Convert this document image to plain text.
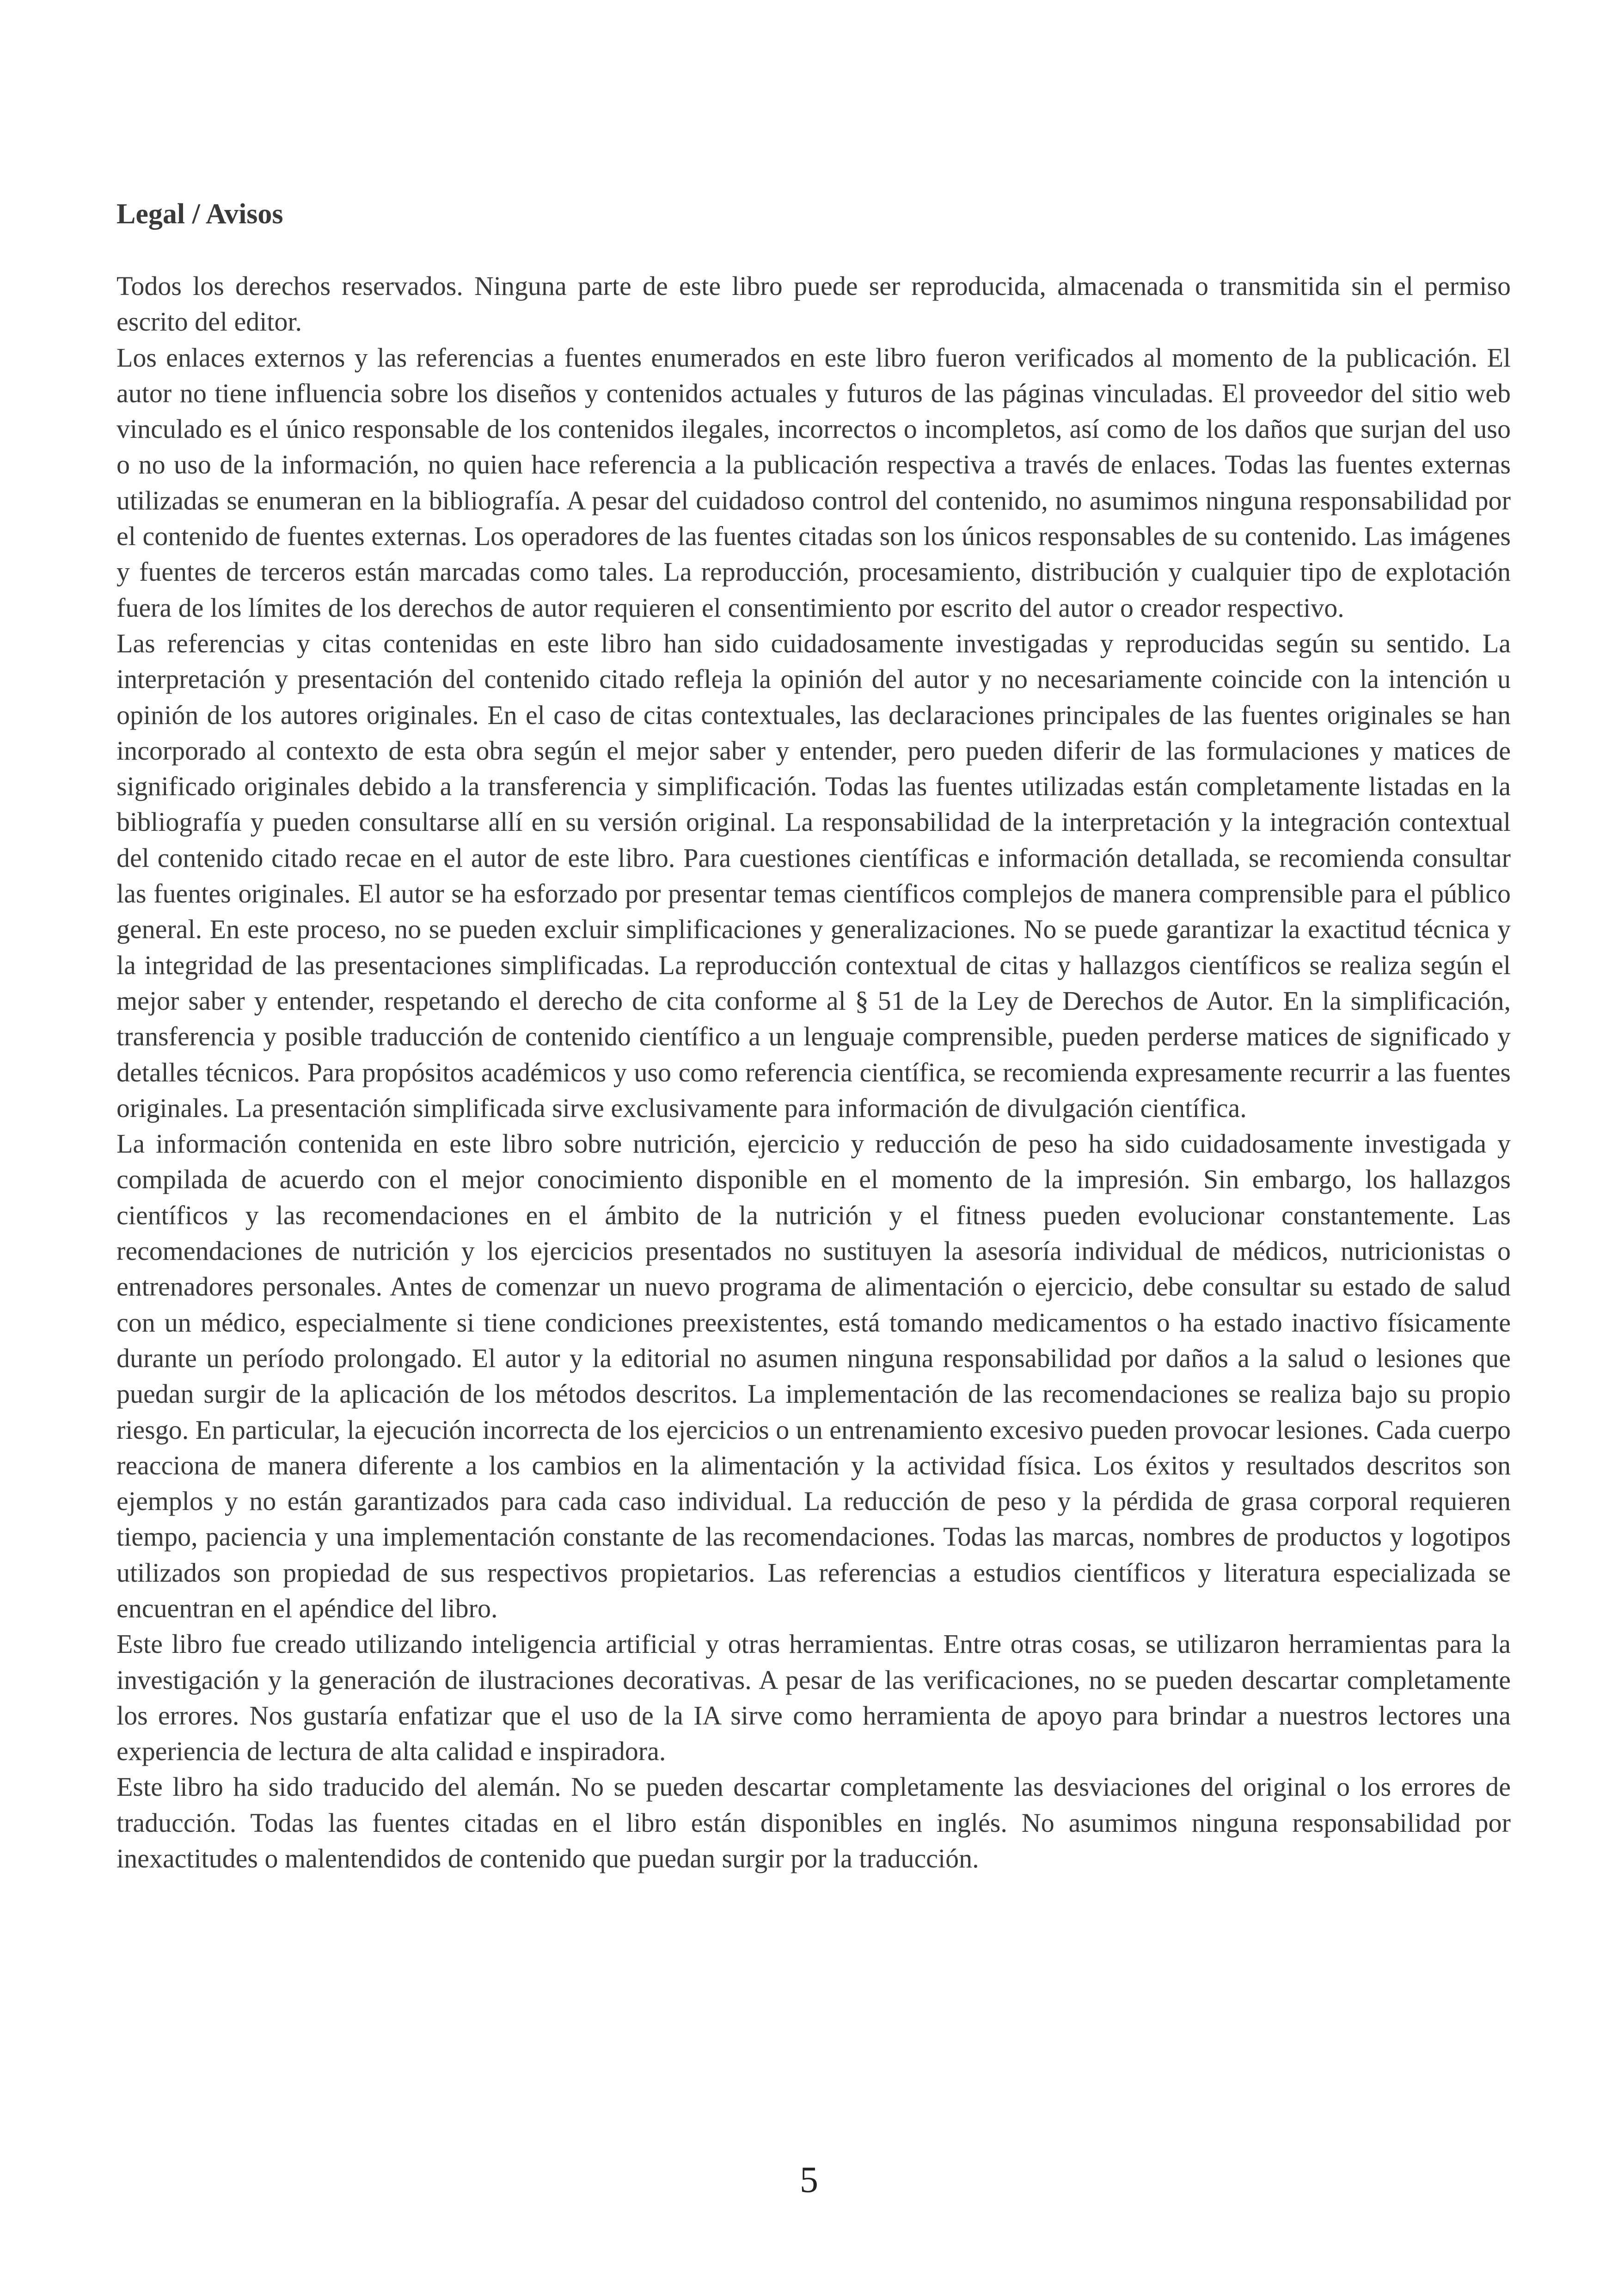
Legal / Avisos

Todos los derechos reservados. Ninguna parte de este libro puede ser reproducida, almacenada o transmitida sin el permiso escrito del editor.

Los enlaces externos y las referencias a fuentes enumerados en este libro fueron verificados al momento de la publicación. El autor no tiene influencia sobre los diseños y contenidos actuales y futuros de las páginas vinculadas. El proveedor del sitio web vinculado es el único responsable de los contenidos ilegales, incorrectos o incompletos, así como de los daños que surjan del uso o no uso de la información, no quien hace referencia a la publicación respectiva a través de enlaces. Todas las fuentes externas utilizadas se enumeran en la bibliografía. A pesar del cuidadoso control del contenido, no asumimos ninguna responsabilidad por el contenido de fuentes externas. Los operadores de las fuentes citadas son los únicos responsables de su contenido. Las imágenes y fuentes de terceros están marcadas como tales. La reproducción, procesamiento, distribución y cualquier tipo de explotación fuera de los límites de los derechos de autor requieren el consentimiento por escrito del autor o creador respectivo.

Las referencias y citas contenidas en este libro han sido cuidadosamente investigadas y reproducidas según su sentido. La interpretación y presentación del contenido citado refleja la opinión del autor y no necesariamente coincide con la intención u opinión de los autores originales. En el caso de citas contextuales, las declaraciones principales de las fuentes originales se han incorporado al contexto de esta obra según el mejor saber y entender, pero pueden diferir de las formulaciones y matices de significado originales debido a la transferencia y simplificación. Todas las fuentes utilizadas están completamente listadas en la bibliografía y pueden consultarse allí en su versión original. La responsabilidad de la interpretación y la integración contextual del contenido citado recae en el autor de este libro. Para cuestiones científicas e información detallada, se recomienda consultar las fuentes originales. El autor se ha esforzado por presentar temas científicos complejos de manera comprensible para el público general. En este proceso, no se pueden excluir simplificaciones y generalizaciones. No se puede garantizar la exactitud técnica y la integridad de las presentaciones simplificadas. La reproducción contextual de citas y hallazgos científicos se realiza según el mejor saber y entender, respetando el derecho de cita conforme al § 51 de la Ley de Derechos de Autor. En la simplificación, transferencia y posible traducción de contenido científico a un lenguaje comprensible, pueden perderse matices de significado y detalles técnicos. Para propósitos académicos y uso como referencia científica, se recomienda expresamente recurrir a las fuentes originales. La presentación simplificada sirve exclusivamente para información de divulgación científica.

La información contenida en este libro sobre nutrición, ejercicio y reducción de peso ha sido cuidadosamente investigada y compilada de acuerdo con el mejor conocimiento disponible en el momento de la impresión. Sin embargo, los hallazgos científicos y las recomendaciones en el ámbito de la nutrición y el fitness pueden evolucionar constantemente. Las recomendaciones de nutrición y los ejercicios presentados no sustituyen la asesoría individual de médicos, nutricionistas o entrenadores personales. Antes de comenzar un nuevo programa de alimentación o ejercicio, debe consultar su estado de salud con un médico, especialmente si tiene condiciones preexistentes, está tomando medicamentos o ha estado inactivo físicamente durante un período prolongado. El autor y la editorial no asumen ninguna responsabilidad por daños a la salud o lesiones que puedan surgir de la aplicación de los métodos descritos. La implementación de las recomendaciones se realiza bajo su propio riesgo. En particular, la ejecución incorrecta de los ejercicios o un entrenamiento excesivo pueden provocar lesiones. Cada cuerpo reacciona de manera diferente a los cambios en la alimentación y la actividad física. Los éxitos y resultados descritos son ejemplos y no están garantizados para cada caso individual. La reducción de peso y la pérdida de grasa corporal requieren tiempo, paciencia y una implementación constante de las recomendaciones. Todas las marcas, nombres de productos y logotipos utilizados son propiedad de sus respectivos propietarios. Las referencias a estudios científicos y literatura especializada se encuentran en el apéndice del libro.

Este libro fue creado utilizando inteligencia artificial y otras herramientas. Entre otras cosas, se utilizaron herramientas para la investigación y la generación de ilustraciones decorativas. A pesar de las verificaciones, no se pueden descartar completamente los errores. Nos gustaría enfatizar que el uso de la IA sirve como herramienta de apoyo para brindar a nuestros lectores una experiencia de lectura de alta calidad e inspiradora.

Este libro ha sido traducido del alemán. No se pueden descartar completamente las desviaciones del original o los errores de traducción. Todas las fuentes citadas en el libro están disponibles en inglés. No asumimos ninguna responsabilidad por inexactitudes o malentendidos de contenido que puedan surgir por la traducción.

5
